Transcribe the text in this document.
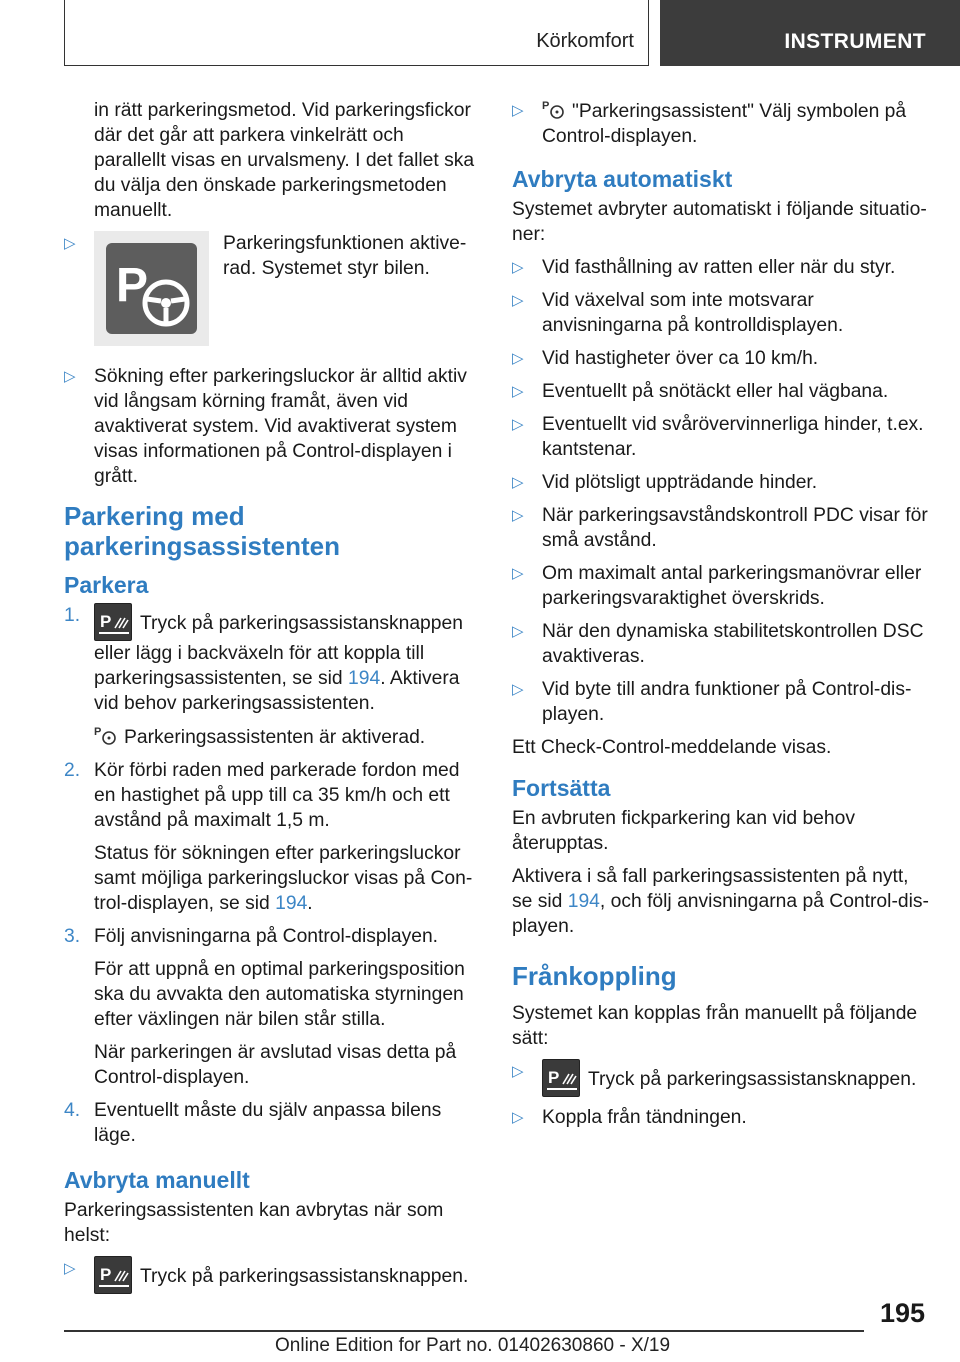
Körkomfort	INSTRUMENT

in rätt parkeringsmetod. Vid parkeringsfickor där det går att parkera vinkelrätt och parallellt visas en urvalsmeny. I det fallet ska du välja den önskade parkeringsmetoden manuellt.

▷
P

Parkeringsfunktionen aktiverad. Systemet styr bilen.

▷ Sökning efter parkeringsluckor är alltid aktiv vid långsam körning framåt, även vid avaktiverat system. Vid avaktiverat system visas informationen på Control-displayen i grått.

Parkering med parkeringsassistenten
Parkera
1.	Tryck på parkeringsassistansknappen eller lägg i backväxeln för att koppla till parkeringsassistenten, se sid 194. Aktivera vid behov parkeringsassistenten.

Parkeringsassistenten är aktiverad.

2. Kör förbi raden med parkerade fordon med en hastighet på upp till ca 35 km/h och ett avstånd på maximalt 1,5 m.

Status för sökningen efter parkeringsluckor samt möjliga parkeringsluckor visas på Control-displayen, se sid 194.

3. Följ anvisningarna på Control-displayen.

För att uppnå en optimal parkeringsposition ska du avvakta den automatiska styrningen efter växlingen när bilen står stilla.

När parkeringen är avslutad visas detta på Control-displayen.

4. Eventuellt måste du själv anpassa bilens läge.

Avbryta manuellt

Parkeringsassistenten kan avbrytas när som helst:

▷	Tryck på parkeringsassistansknappen.

▷	"Parkeringsassistent" Välj symbolen på Control-displayen.

Avbryta automatiskt

Systemet avbryter automatiskt i följande situationer:

▷ Vid fasthållning av ratten eller när du styr.

▷ Vid växelval som inte motsvarar anvisningarna på kontrolldisplayen.

▷ Vid hastigheter över ca 10 km/h.

▷ Eventuellt på snötäckt eller hal vägbana.

▷ Eventuellt vid svårövervinnerliga hinder, t.ex. kantstenar.

▷ Vid plötsligt uppträdande hinder.

▷ När parkeringsavståndskontroll PDC visar för små avstånd.

▷ Om maximalt antal parkeringsmanövrar eller parkeringsvaraktighet överskrids.

▷ När den dynamiska stabilitetskontrollen DSC avaktiveras.

▷ Vid byte till andra funktioner på Control-displayen.

Ett Check-Control-meddelande visas.

Fortsätta

En avbruten fickparkering kan vid behov återupptas.

Aktivera i så fall parkeringsassistenten på nytt, se sid 194, och följ anvisningarna på Control-displayen.

Frånkoppling

Systemet kan kopplas från manuellt på följande sätt:

▷	Tryck på parkeringsassistansknappen.

▷ Koppla från tändningen.

195
Online Edition for Part no. 01402630860 - X/19
